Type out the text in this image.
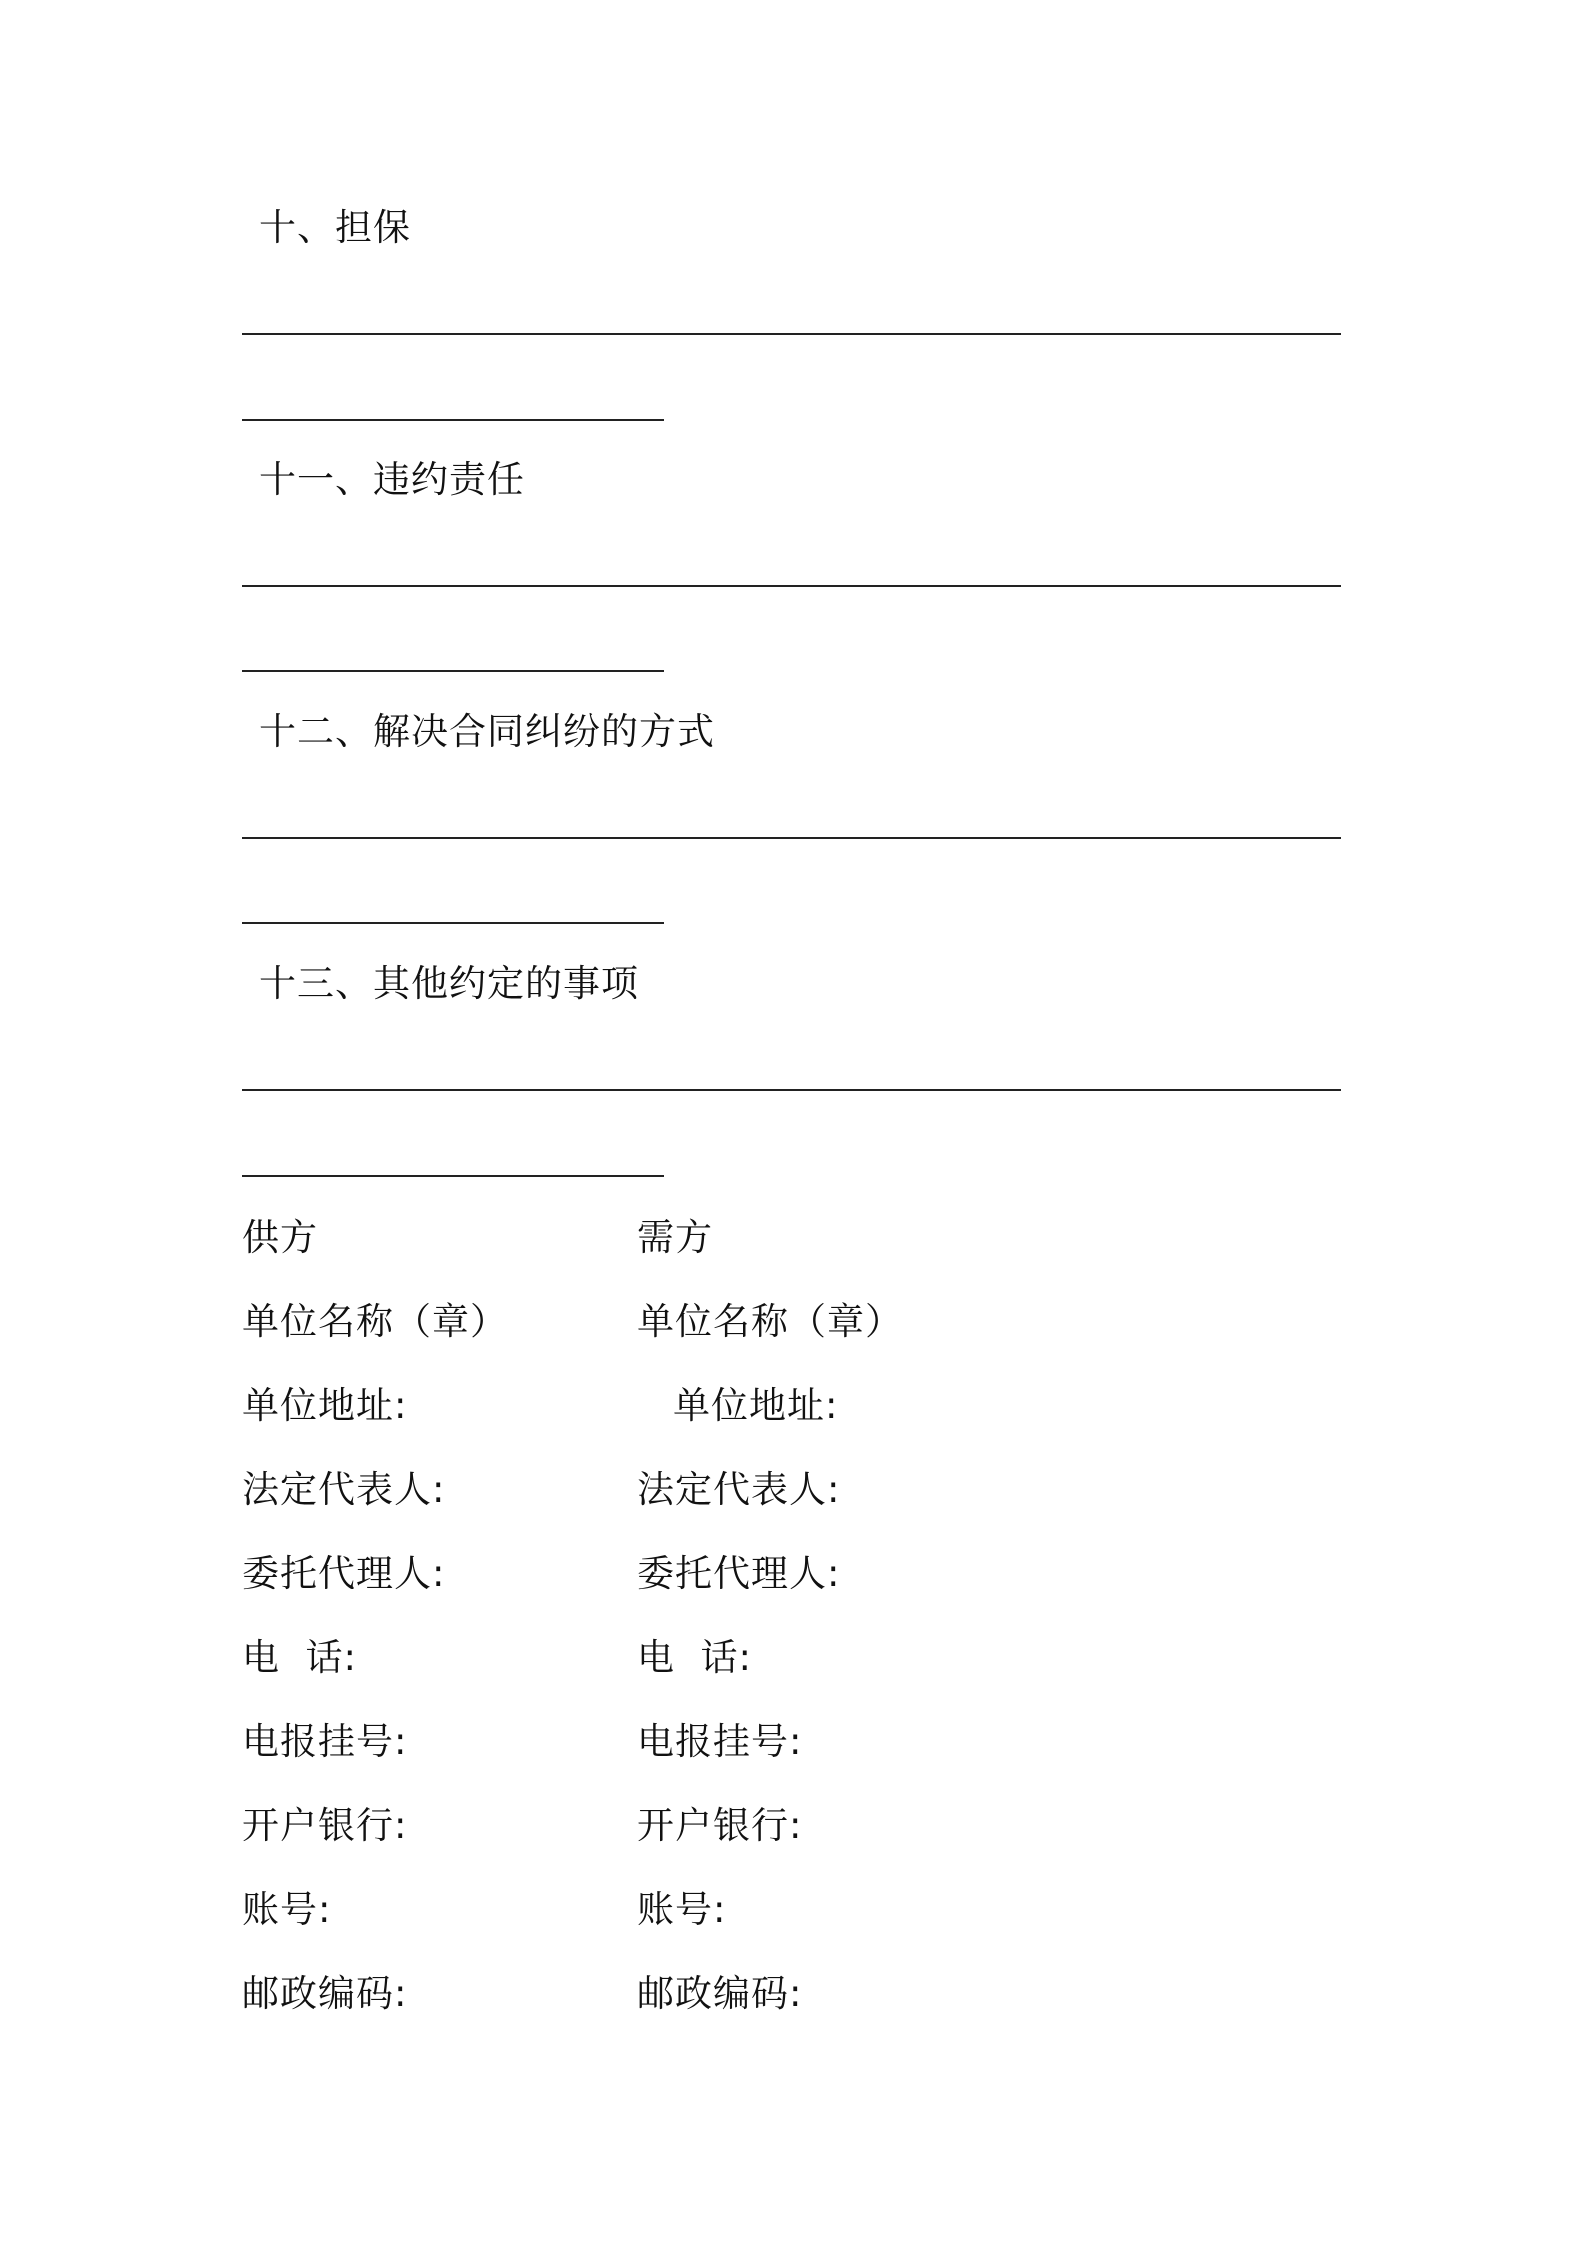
十、担保
十一、违约责任
十二、解决合同纠纷的方式
十三、其他约定的事项
供方	需方
单位名称（章）	单位名称（章）
单位地址:	单位地址:
法定代表人:	法定代表人:
委托代理人:	委托代理人:
电  话:	电  话:
电报挂号:	电报挂号:
开户银行:	开户银行:
账号:	账号:
邮政编码:	邮政编码:
